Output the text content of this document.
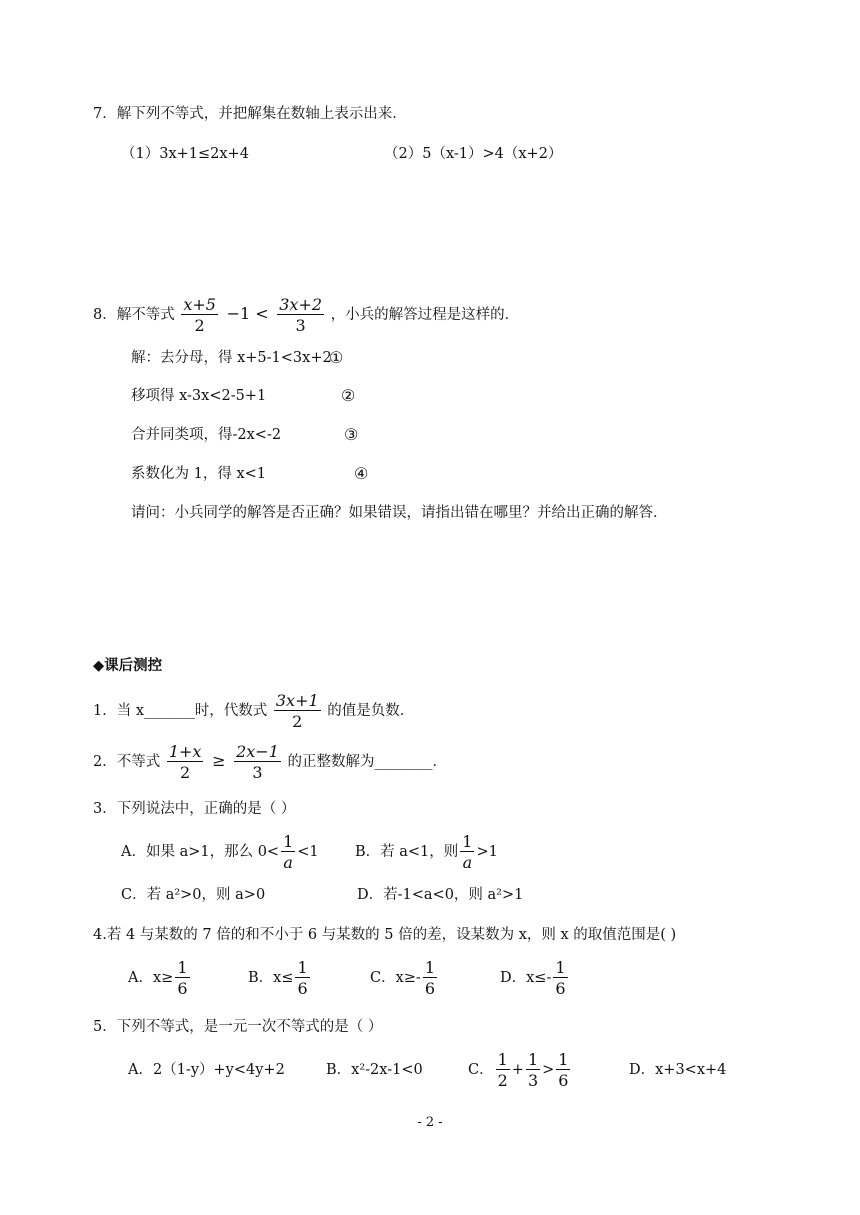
7．解下列不等式，并把解集在数轴上表示出来．
（1）3x+1≤2x+4	（2）5（x-1）>4（x+2）
8．解不等式 $\frac{x+5}{2} -1 < \frac{3x+2}{3}$ ，小兵的解答过程是这样的．
解：去分母，得 x+5-1<3x+2
①
移项得 x-3x<2-5+1	②
合并同类项，得-2x<-2	③
系数化为 1，得 x<1	④
请问：小兵同学的解答是否正确？如果错误，请指出错在哪里？并给出正确的解答．
◆课后测控
1．当 x_______时，代数式 $\frac{3x+1}{2}$ 的值是负数．
2．不等式 $\frac{1+x}{2} \ge \frac{2x-1}{3}$ 的正整数解为________．
3．下列说法中，正确的是（ ）
A．如果 a>1，那么 $0< \frac{1}{a} <1$	B．若 a<1，则 $\frac{1}{a} >1$
C．若 a²>0，则 a>0	D．若-1<a<0，则 a²>1
4.若 4 与某数的 7 倍的和不小于 6 与某数的 5 倍的差，设某数为 x，则 x 的取值范围是( )
A．$x\ge \frac{1}{6}$	B．$x\le \frac{1}{6}$	C．$x\ge- \frac{1}{6}$	D．$x\le- \frac{1}{6}$
5．下列不等式，是一元一次不等式的是（ ）
A．2（1-y）+y<4y+2	B．x²-2x-1<0	C． $\frac{1}{2} + \frac{1}{3} > \frac{1}{6}$	D．x+3<x+4
- 2 -
